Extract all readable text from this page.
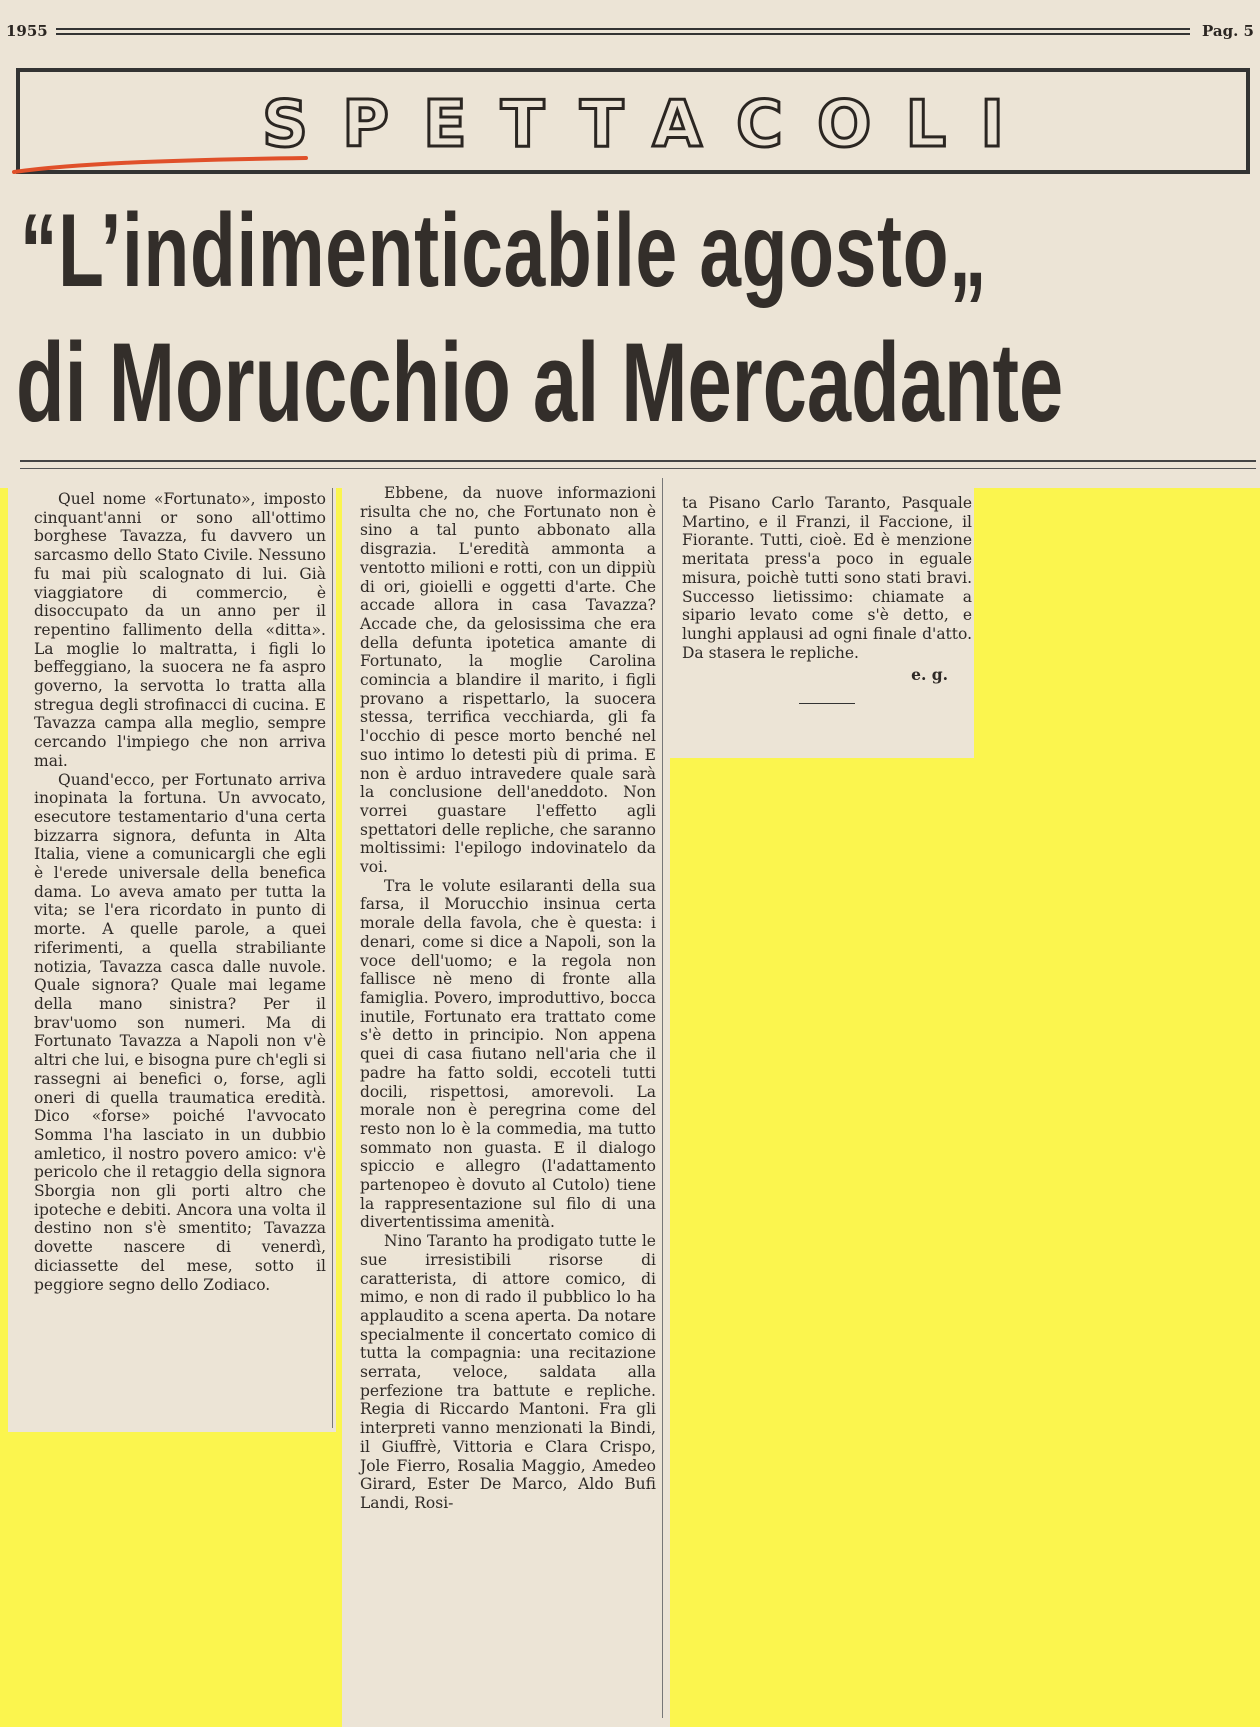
1955	Pag. 5
SPETTACOLI
“L’indimenticabile agosto„
di Morucchio al Mercadante

Quel nome «Fortunato», imposto cinquant'anni or sono all'ottimo borghese Tavazza, fu davvero un sarcasmo dello Stato Civile. Nessuno fu mai più scalognato di lui. Già viaggiatore di commercio, è disoccupato da un anno per il repentino fallimento della «ditta». La moglie lo maltratta, i figli lo beffeggiano, la suocera ne fa aspro governo, la servotta lo tratta alla stregua degli strofinacci di cucina. E Tavazza campa alla meglio, sempre cercando l'impiego che non arriva mai.

Quand'ecco, per Fortunato arriva inopinata la fortuna. Un avvocato, esecutore testamentario d'una certa bizzarra signora, defunta in Alta Italia, viene a comunicargli che egli è l'erede universale della benefica dama. Lo aveva amato per tutta la vita; se l'era ricordato in punto di morte. A quelle parole, a quei riferimenti, a quella strabiliante notizia, Tavazza casca dalle nuvole. Quale signora? Quale mai legame della mano sinistra? Per il brav'uomo son numeri. Ma di Fortunato Tavazza a Napoli non v'è altri che lui, e bisogna pure ch'egli si rassegni ai benefici o, forse, agli oneri di quella traumatica eredità. Dico «forse» poiché l'avvocato Somma l'ha lasciato in un dubbio amletico, il nostro povero amico: v'è pericolo che il retaggio della signora Sborgia non gli porti altro che ipoteche e debiti. Ancora una volta il destino non s'è smentito; Tavazza dovette nascere di venerdì, diciassette del mese, sotto il peggiore segno dello Zodiaco.

Ebbene, da nuove informazioni risulta che no, che Fortunato non è sino a tal punto abbonato alla disgrazia. L'eredità ammonta a ventotto milioni e rotti, con un dippiù di ori, gioielli e oggetti d'arte. Che accade allora in casa Tavazza? Accade che, da gelosissima che era della defunta ipotetica amante di Fortunato, la moglie Carolina comincia a blandire il marito, i figli provano a rispettarlo, la suocera stessa, terrifica vecchiarda, gli fa l'occhio di pesce morto benché nel suo intimo lo detesti più di prima. E non è arduo intravedere quale sarà la conclusione dell'aneddoto. Non vorrei guastare l'effetto agli spettatori delle repliche, che saranno moltissimi: l'epilogo indovinatelo da voi.

Tra le volute esilaranti della sua farsa, il Morucchio insinua certa morale della favola, che è questa: i denari, come si dice a Napoli, son la voce dell'uomo; e la regola non fallisce nè meno di fronte alla famiglia. Povero, improduttivo, bocca inutile, Fortunato era trattato come s'è detto in principio. Non appena quei di casa fiutano nell'aria che il padre ha fatto soldi, eccoteli tutti docili, rispettosi, amorevoli. La morale non è peregrina come del resto non lo è la commedia, ma tutto sommato non guasta. E il dialogo spiccio e allegro (l'adattamento partenopeo è dovuto al Cutolo) tiene la rappresentazione sul filo di una divertentissima amenità.

Nino Taranto ha prodigato tutte le sue irresistibili risorse di caratterista, di attore comico, di mimo, e non di rado il pubblico lo ha applaudito a scena aperta. Da notare specialmente il concertato comico di tutta la compagnia: una recitazione serrata, veloce, saldata alla perfezione tra battute e repliche. Regia di Riccardo Mantoni. Fra gli interpreti vanno menzionati la Bindi, il Giuffrè, Vittoria e Clara Crispo, Jole Fierro, Rosalia Maggio, Amedeo Girard, Ester De Marco, Aldo Bufi Landi, Rosi-

ta Pisano Carlo Taranto, Pasquale Martino, e il Franzi, il Faccione, il Fiorante. Tutti, cioè. Ed è menzione meritata press'a poco in eguale misura, poichè tutti sono stati bravi. Successo lietissimo: chiamate a sipario levato come s'è detto, e lunghi applausi ad ogni finale d'atto. Da stasera le repliche.

e. g.
